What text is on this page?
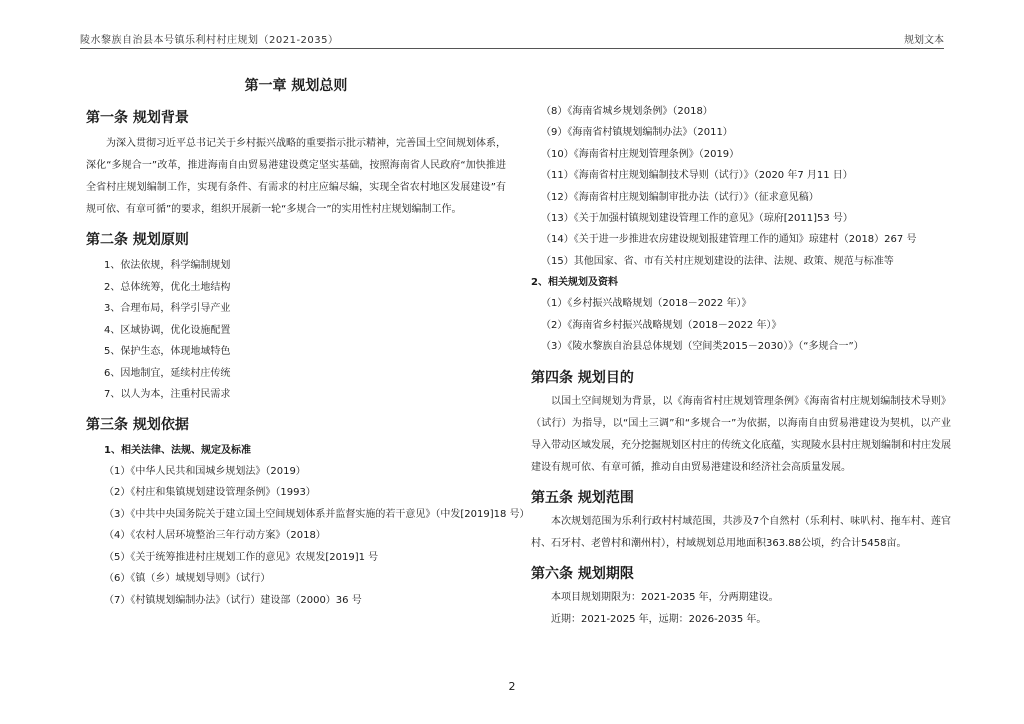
陵水黎族自治县本号镇乐利村村庄规划（2021-2035）	规划文本
第一章 规划总则
第一条 规划背景

为深入贯彻习近平总书记关于乡村振兴战略的重要指示批示精神，完善国土空间规划体系，深化“多规合一”改革，推进海南自由贸易港建设奠定坚实基础，按照海南省人民政府“加快推进全省村庄规划编制工作，实现有条件、有需求的村庄应编尽编，实现全省农村地区发展建设”有规可依、有章可循”的要求，组织开展新一轮“多规合一”的实用性村庄规划编制工作。

第二条 规划原则

1、依法依规，科学编制规划

2、总体统筹，优化土地结构

3、合理布局，科学引导产业

4、区域协调，优化设施配置

5、保护生态，体现地域特色

6、因地制宜，延续村庄传统

7、以人为本，注重村民需求

第三条 规划依据

1、相关法律、法规、规定及标准

（1）《中华人民共和国城乡规划法》（2019）

（2）《村庄和集镇规划建设管理条例》（1993）

（3）《中共中央国务院关于建立国土空间规划体系并监督实施的若干意见》（中发[2019]18 号）

（4）《农村人居环境整治三年行动方案》（2018）

（5）《关于统筹推进村庄规划工作的意见》农规发[2019]1 号

（6）《镇（乡）域规划导则》（试行）

（7）《村镇规划编制办法》（试行）建设部（2000）36 号

（8）《海南省城乡规划条例》（2018）

（9）《海南省村镇规划编制办法》（2011）

（10）《海南省村庄规划管理条例》（2019）

（11）《海南省村庄规划编制技术导则（试行）》（2020 年7 月11 日）

（12）《海南省村庄规划编制审批办法（试行）》（征求意见稿）

（13）《关于加强村镇规划建设管理工作的意见》（琼府[2011]53 号）

（14）《关于进一步推进农房建设规划报建管理工作的通知》琼建村（2018）267 号

（15）其他国家、省、市有关村庄规划建设的法律、法规、政策、规范与标准等

2、相关规划及资料

（1）《乡村振兴战略规划（2018－2022 年）》

（2）《海南省乡村振兴战略规划（2018－2022 年）》

（3）《陵水黎族自治县总体规划（空间类2015－2030）》（“多规合一”）

第四条 规划目的

以国土空间规划为背景，以《海南省村庄规划管理条例》《海南省村庄规划编制技术导则》（试行）为指导，以“国土三调”和“多规合一”为依据，以海南自由贸易港建设为契机，以产业导入带动区域发展，充分挖掘规划区村庄的传统文化底蕴，实现陵水县村庄规划编制和村庄发展建设有规可依、有章可循，推动自由贸易港建设和经济社会高质量发展。

第五条 规划范围

本次规划范围为乐利行政村村域范围，共涉及7个自然村（乐利村、味叭村、拖车村、莲官村、石牙村、老曾村和潮州村），村域规划总用地面积363.88公顷，约合计5458亩。

第六条 规划期限

本项目规划期限为：2021-2035 年，分两期建设。

近期：2021-2025 年，远期：2026-2035 年。

2
